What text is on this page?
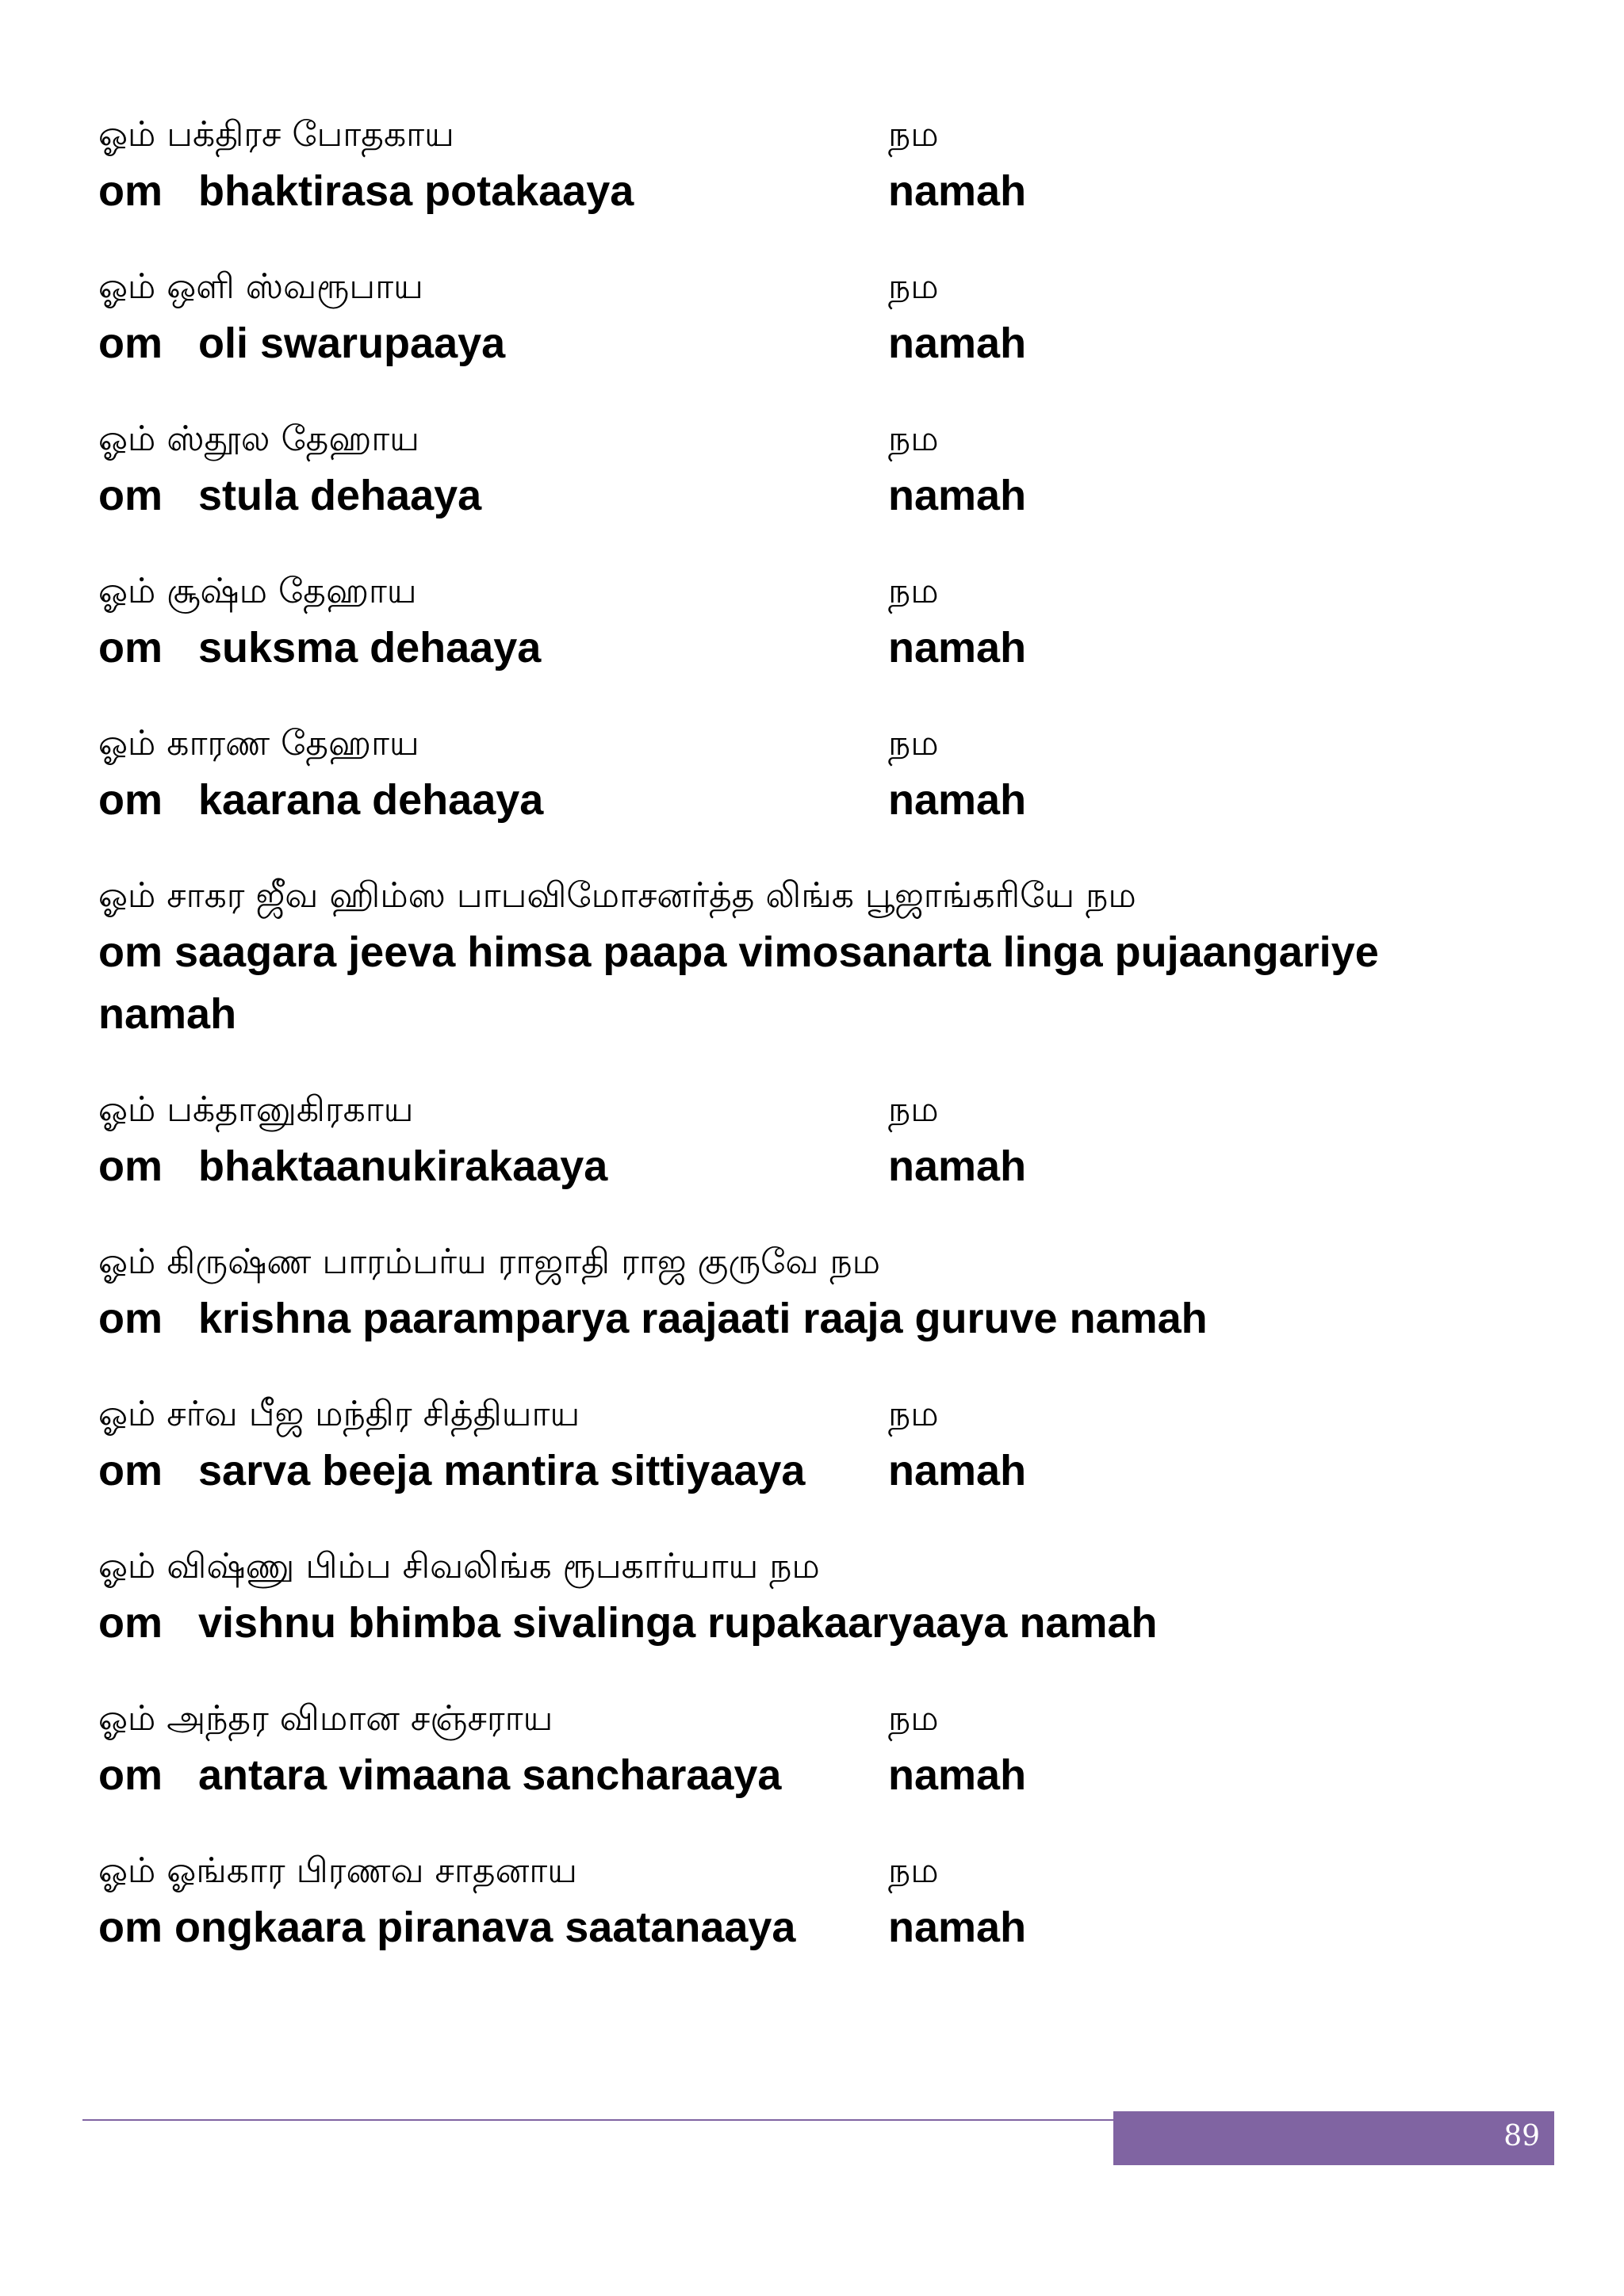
ஓம் பக்திரச போதகாய	நம
om bhaktirasa potakaaya	namah
ஓம் ஒளி ஸ்வரூபாய	நம
om oli swarupaaya	namah
ஓம் ஸ்தூல தேஹாய	நம
om stula dehaaya	namah
ஓம் சூஷ்ம தேஹாய	நம
om suksma dehaaya	namah
ஓம் காரண தேஹாய	நம
om kaarana dehaaya	namah
ஓம் சாகர ஜீவ ஹிம்ஸ பாபவிமோசனர்த்த லிங்க பூஜாங்கரியே நம
om saagara jeeva himsa paapa vimosanarta linga pujaangariye
namah
ஓம் பக்தானுகிரகாய	நம
om bhaktaanukirakaaya	namah
ஓம் கிருஷ்ண பாரம்பர்ய ராஜாதி ராஜ குருவே நம
om krishna paaramparya raajaati raaja guruve namah
ஓம் சர்வ பீஜ மந்திர சித்தியாய	நம
om sarva beeja mantira sittiyaaya namah
ஓம் விஷ்ணு பிம்ப சிவலிங்க ரூபகார்யாய நம
om vishnu bhimba sivalinga rupakaaryaaya namah
ஓம் அந்தர விமான சஞ்சராய	நம
om antara vimaana sancharaaya namah
ஓம் ஓங்கார பிரணவ சாதனாய	நம
om ongkaara piranava saatanaaya namah
89
